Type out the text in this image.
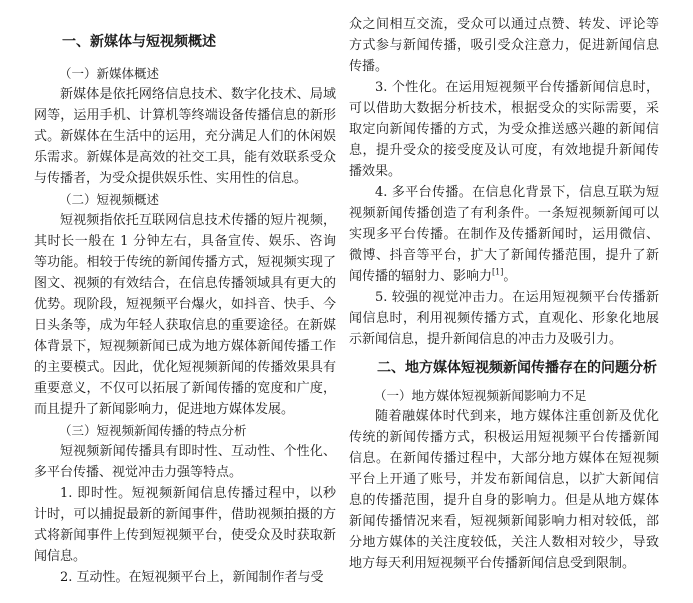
一、新媒体与短视频概述

（一）新媒体概述

新媒体是依托网络信息技术、数字化技术、局域网等，运用手机、计算机等终端设备传播信息的新形式。新媒体在生活中的运用，充分满足人们的休闲娱乐需求。新媒体是高效的社交工具，能有效联系受众与传播者，为受众提供娱乐性、实用性的信息。

（二）短视频概述

短视频指依托互联网信息技术传播的短片视频，其时长一般在 1 分钟左右，具备宣传、娱乐、咨询等功能。相较于传统的新闻传播方式，短视频实现了图文、视频的有效结合，在信息传播领域具有更大的优势。现阶段，短视频平台爆火，如抖音、快手、今日头条等，成为年轻人获取信息的重要途径。在新媒体背景下，短视频新闻已成为地方媒体新闻传播工作的主要模式。因此，优化短视频新闻的传播效果具有重要意义，不仅可以拓展了新闻传播的宽度和广度，而且提升了新闻影响力，促进地方媒体发展。

（三）短视频新闻传播的特点分析

短视频新闻传播具有即时性、互动性、个性化、多平台传播、视觉冲击力强等特点。

1. 即时性。短视频新闻信息传播过程中，以秒计时，可以捕捉最新的新闻事件，借助视频拍摄的方式将新闻事件上传到短视频平台，使受众及时获取新闻信息。

2. 互动性。在短视频平台上，新闻制作者与受

众之间相互交流，受众可以通过点赞、转发、评论等方式参与新闻传播，吸引受众注意力，促进新闻信息传播。

3. 个性化。在运用短视频平台传播新闻信息时，可以借助大数据分析技术，根据受众的实际需要，采取定向新闻传播的方式，为受众推送感兴趣的新闻信息，提升受众的接受度及认可度，有效地提升新闻传播效果。

4. 多平台传播。在信息化背景下，信息互联为短视频新闻传播创造了有利条件。一条短视频新闻可以实现多平台传播。在制作及传播新闻时，运用微信、微博、抖音等平台，扩大了新闻传播范围，提升了新闻传播的辐射力、影响力[1]。

5. 较强的视觉冲击力。在运用短视频平台传播新闻信息时，利用视频传播方式，直观化、形象化地展示新闻信息，提升新闻信息的冲击力及吸引力。

二、地方媒体短视频新闻传播存在的问题分析

（一）地方媒体短视频新闻影响力不足

随着融媒体时代到来，地方媒体注重创新及优化传统的新闻传播方式，积极运用短视频平台传播新闻信息。在新闻传播过程中，大部分地方媒体在短视频平台上开通了账号，并发布新闻信息，以扩大新闻信息的传播范围，提升自身的影响力。但是从地方媒体新闻传播情况来看，短视频新闻影响力相对较低，部分地方媒体的关注度较低，关注人数相对较少，导致地方每天利用短视频平台传播新闻信息受到限制。
